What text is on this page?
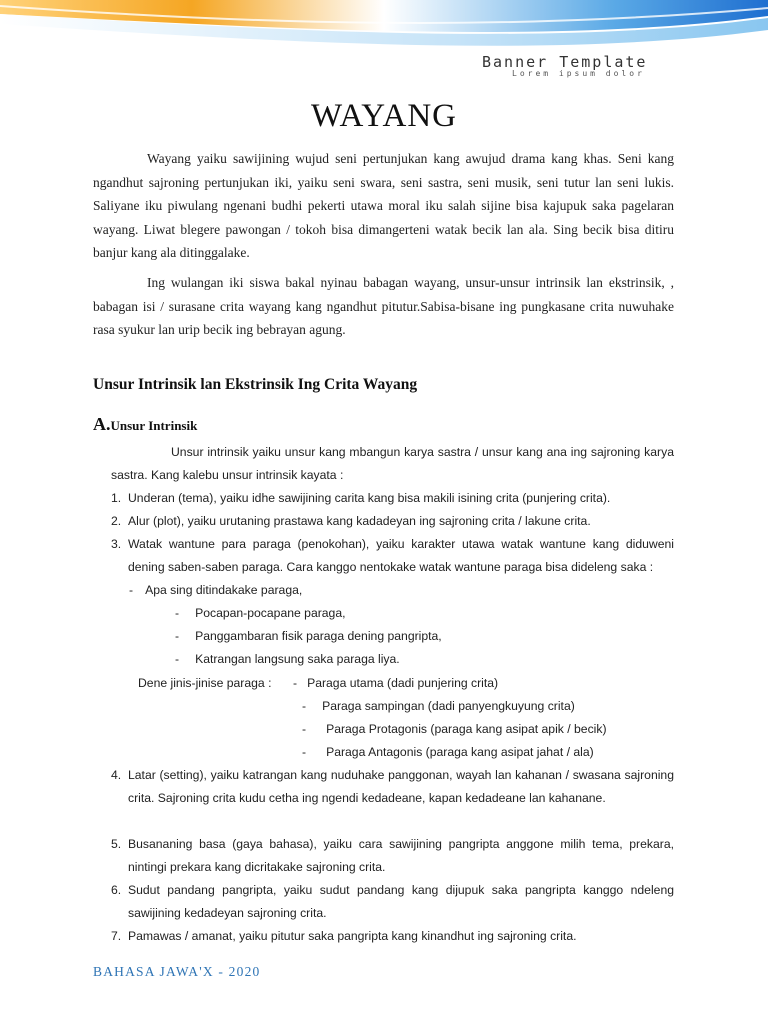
Banner Template
Lorem ipsum dolor
WAYANG
Wayang yaiku sawijining wujud seni pertunjukan kang awujud drama kang khas. Seni kang ngandhut sajroning pertunjukan iki, yaiku seni swara, seni sastra, seni musik, seni tutur lan seni lukis. Saliyane iku piwulang ngenani budhi pekerti utawa moral iku salah sijine bisa kajupuk saka pagelaran wayang. Liwat blegere pawongan / tokoh bisa dimangerteni watak becik lan ala. Sing becik bisa ditiru banjur kang ala ditinggalake.
Ing wulangan iki siswa bakal nyinau babagan wayang, unsur-unsur intrinsik lan ekstrinsik, , babagan isi / surasane crita wayang kang ngandhut pitutur.Sabisa-bisane ing pungkasane crita nuwuhake rasa syukur lan urip becik ing bebrayan agung.
Unsur Intrinsik lan Ekstrinsik Ing Crita Wayang
A.Unsur Intrinsik
Unsur intrinsik yaiku unsur kang mbangun karya sastra / unsur kang ana ing sajroning karya sastra. Kang kalebu unsur intrinsik kayata :
1. Underan (tema), yaiku idhe sawijining carita kang bisa makili isining crita (punjering crita).
2. Alur (plot), yaiku urutaning prastawa kang kadadeyan ing sajroning crita / lakune crita.
3. Watak wantune para paraga (penokohan), yaiku karakter utawa watak wantune kang diduweni dening saben-saben paraga. Cara kanggo nentokake watak wantune paraga bisa dideleng saka :
- Apa sing ditindakake paraga,
- Pocapan-pocapane paraga,
- Panggambaran fisik paraga dening pangripta,
- Katrangan langsung saka paraga liya.
Dene jinis-jinise paraga : - Paraga utama (dadi punjering crita)
- Paraga sampingan (dadi panyengkuyung crita)
- Paraga Protagonis (paraga kang asipat apik / becik)
- Paraga Antagonis (paraga kang asipat jahat / ala)
4. Latar (setting), yaiku katrangan kang nuduhake panggonan, wayah lan kahanan / swasana sajroning crita. Sajroning crita kudu cetha ing ngendi kedadeane, kapan kedadeane lan kahanane.
5. Busananing basa (gaya bahasa), yaiku cara sawijining pangripta anggone milih tema, prekara, nintingi prekara kang dicritakake sajroning crita.
6. Sudut pandang pangripta, yaiku sudut pandang kang dijupuk saka pangripta kanggo ndeleng sawijining kedadeyan sajroning crita.
7. Pamawas / amanat, yaiku pitutur saka pangripta kang kinandhut ing sajroning crita.
BAHASA JAWA'X - 2020
